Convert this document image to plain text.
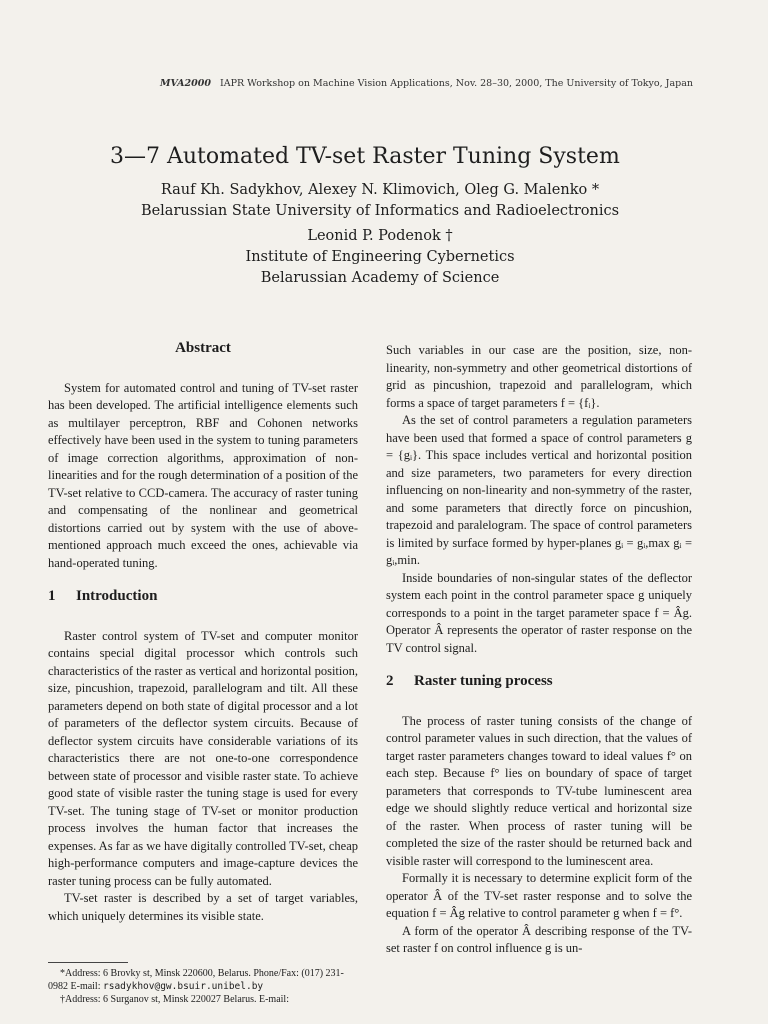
MVA2000 IAPR Workshop on Machine Vision Applications, Nov. 28–30, 2000, The University of Tokyo, Japan
3—7 Automated TV-set Raster Tuning System
Rauf Kh. Sadykhov, Alexey N. Klimovich, Oleg G. Malenko *
Belarussian State University of Informatics and Radioelectronics
Leonid P. Podenok †
Institute of Engineering Cybernetics
Belarussian Academy of Science
Abstract

System for automated control and tuning of TV-set raster has been developed. The artificial intelligence elements such as multilayer perceptron, RBF and Cohonen networks effectively have been used in the system to tuning parameters of image correction algorithms, approximation of non-linearities and for the rough determination of a position of the TV-set relative to CCD-camera. The accuracy of raster tuning and compensating of the nonlinear and geometrical distortions carried out by system with the use of above-mentioned approach much exceed the ones, achievable via hand-operated tuning.

1 Introduction

Raster control system of TV-set and computer monitor contains special digital processor which controls such characteristics of the raster as vertical and horizontal position, size, pincushion, trapezoid, parallelogram and tilt. All these parameters depend on both state of digital processor and a lot of parameters of the deflector system circuits. Because of deflector system circuits have considerable variations of its characteristics there are not one-to-one correspondence between state of processor and visible raster state. To achieve good state of visible raster the tuning stage is used for every TV-set. The tuning stage of TV-set or monitor production process involves the human factor that increases the expenses. As far as we have digitally controlled TV-set, cheap high-performance computers and image-capture devices the raster tuning process can be fully automated.

TV-set raster is described by a set of target variables, which uniquely determines its visible state.

*Address: 6 Brovky st, Minsk 220600, Belarus. Phone/Fax: (017) 231-0982 E-mail: rsadykhov@gw.bsuir.unibel.by

†Address: 6 Surganov st, Minsk 220027 Belarus. E-mail:

Such variables in our case are the position, size, non-linearity, non-symmetry and other geometrical distortions of grid as pincushion, trapezoid and parallelogram, which forms a space of target parameters f = {fᵢ}.

As the set of control parameters a regulation parameters have been used that formed a space of control parameters g = {gᵢ}. This space includes vertical and horizontal position and size parameters, two parameters for every direction influencing on non-linearity and non-symmetry of the raster, and some parameters that directly force on pincushion, trapezoid and paralelogram. The space of control parameters is limited by surface formed by hyper-planes gᵢ = gᵢ,max gᵢ = gᵢ,min.

Inside boundaries of non-singular states of the deflector system each point in the control parameter space g uniquely corresponds to a point in the target parameter space f = Âg. Operator Â represents the operator of raster response on the TV control signal.

2 Raster tuning process

The process of raster tuning consists of the change of control parameter values in such direction, that the values of target raster parameters changes toward to ideal values f° on each step. Because f° lies on boundary of space of target parameters that corresponds to TV-tube luminescent area edge we should slightly reduce vertical and horizontal size of the raster. When process of raster tuning will be completed the size of the raster should be returned back and visible raster will correspond to the luminescent area.

Formally it is necessary to determine explicit form of the operator Â of the TV-set raster response and to solve the equation f = Âg relative to control parameter g when f = f°.

A form of the operator Â describing response of the TV-set raster f on control influence g is un-
